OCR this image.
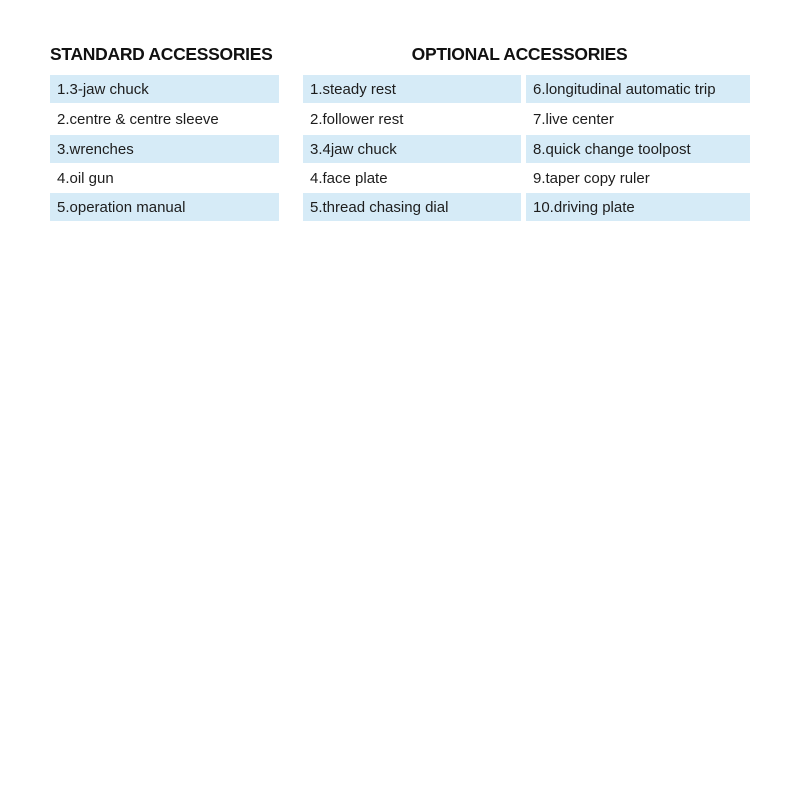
STANDARD ACCESSORIES	OPTIONAL ACCESSORIES
1.3-jaw chuck
2.centre & centre sleeve
3.wrenches
4.oil gun
5.operation manual
1.steady rest
2.follower rest
3.4jaw chuck
4.face plate
5.thread chasing dial
6.longitudinal automatic trip
7.live center
8.quick change toolpost
9.taper copy ruler
10.driving plate
